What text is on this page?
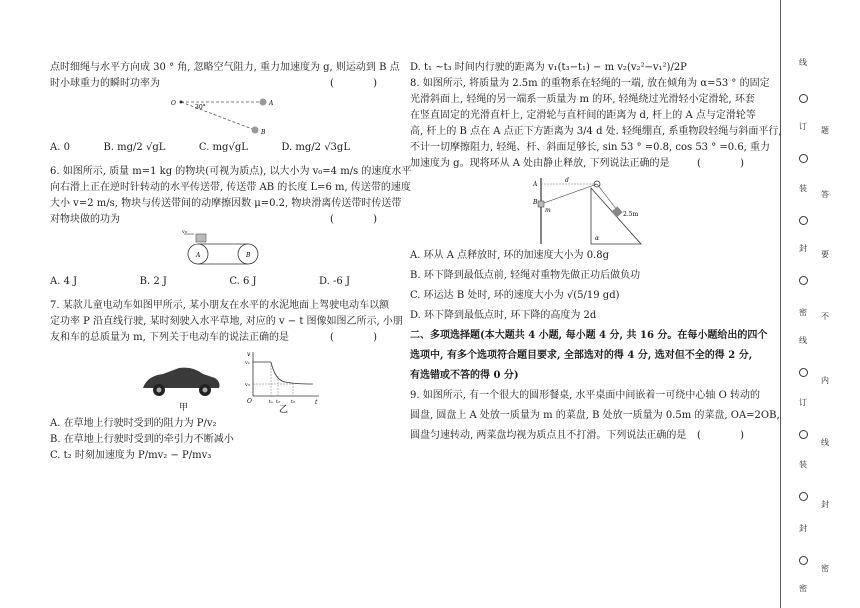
点时细绳与水平方向成 30 ° 角, 忽略空气阻力, 重力加速度为 g, 则运动到 B 点
时小球重力的瞬时功率为	( )
O	A
B
30°
A. 0	B. mg/2 √gL	C. mg√gL	D. mg/2 √3gL
6. 如图所示, 质量 m=1 kg 的物块(可视为质点), 以大小为 v₀=4 m/s 的速度水平
向右滑上正在逆时针转动的水平传送带, 传送带 AB 的长度 L=6 m, 传送带的速度
大小 v=2 m/s, 物块与传送带间的动摩擦因数 μ=0.2, 物块滑离传送带时传送带
对物块做的功为	( )
v₀
A	B
A. 4 J	B. 2 J	C. 6 J	D. -6 J
7. 某款儿童电动车如图甲所示, 某小朋友在水平的水泥地面上驾驶电动车以额
定功率 P 沿直线行驶, 某时刻驶入水平草地, 对应的 v − t 图像如图乙所示, 小朋
友和车的总质量为 m, 下列关于电动车的说法正确的是	( )
甲
v
t
O
v₁
v₂
t₁ t₂ t₃
乙
A. 在草地上行驶时受到的阻力为 P/v₂
B. 在草地上行驶时受到的牵引力不断减小
C. t₂ 时刻加速度为 P/mv₂ − P/mv₃
D. t₁ ~t₃ 时间内行驶的距离为 v₁(t₃−t₁) − m v₂(v₂²−v₁²)/2P
8. 如图所示, 将质量为 2.5m 的重物系在轻绳的一端, 放在倾角为 α=53 ° 的固定
光滑斜面上, 轻绳的另一端系一质量为 m 的环, 轻绳绕过光滑轻小定滑轮, 环套
在竖直固定的光滑直杆上, 定滑轮与直杆间的距离为 d, 杆上的 A 点与定滑轮等
高, 杆上的 B 点在 A 点正下方距离为 3/4 d 处. 轻绳绷直, 系重物段轻绳与斜面平行,
不计一切摩擦阻力, 轻绳、杆、斜面足够长, sin 53 ° =0.8, cos 53 ° =0.6, 重力
加速度为 g。现将环从 A 处由静止释放, 下列说法正确的是	( )
A
B
d
m
α
2.5m
A. 环从 A 点释放时, 环的加速度大小为 0.8g
B. 环下降到最低点前, 轻绳对重物先做正功后做负功
C. 环运达 B 处时, 环的速度大小为 √(5/19 gd)
D. 环下降到最低点时, 环下降的高度为 2d
二、多项选择题(本大题共 4 小题, 每小题 4 分, 共 16 分。在每小题给出的四个
选项中, 有多个选项符合题目要求, 全部选对的得 4 分, 选对但不全的得 2 分,
有选错或不答的得 0 分)
9. 如图所示, 有一个很大的圆形餐桌, 水平桌面中间嵌着一可绕中心轴 O 转动的
圆盘, 圆盘上 A 处放一质量为 m 的菜盘, B 处放一质量为 0.5m 的菜盘, OA=2OB,
圆盘匀速转动, 两菜盘均视为质点且不打滑。下列说法正确的是 ( )
线
订
装
封
密
线
订
装
封
密
题
答
要
不
内
线
封
密
